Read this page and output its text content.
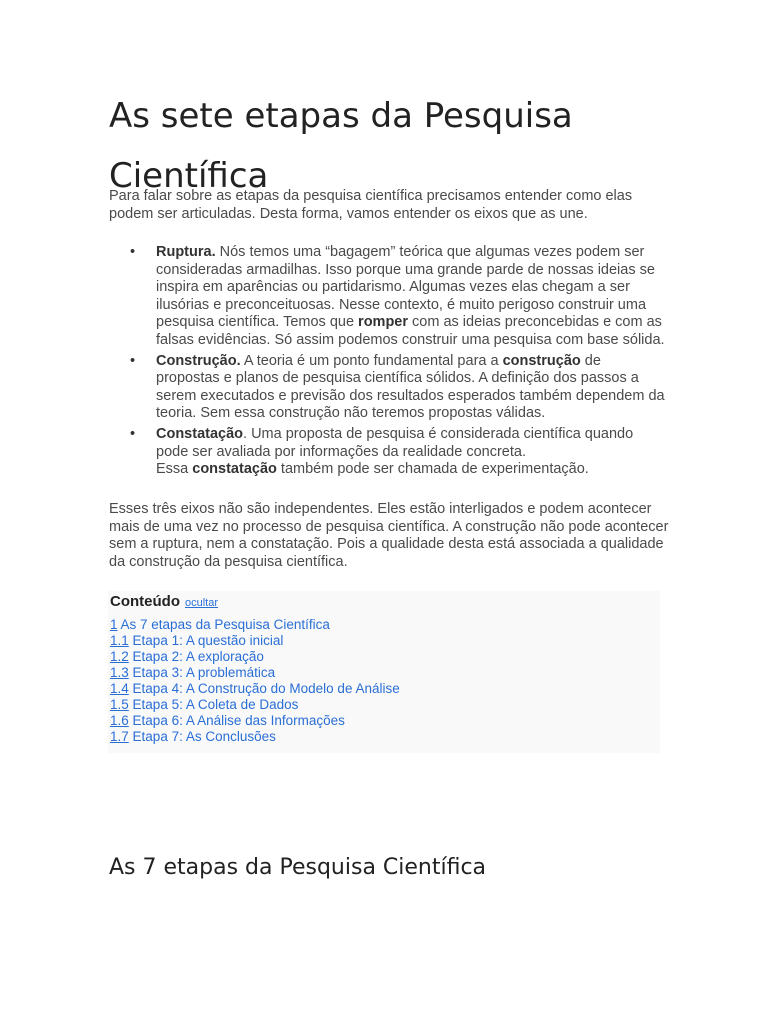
As sete etapas da Pesquisa Científica

Para falar sobre as etapas da pesquisa científica precisamos entender como elas podem ser articuladas. Desta forma, vamos entender os eixos que as une.

• Ruptura. Nós temos uma “bagagem” teórica que algumas vezes podem ser consideradas armadilhas. Isso porque uma grande parde de nossas ideias se inspira em aparências ou partidarismo. Algumas vezes elas chegam a ser ilusórias e preconceituosas. Nesse contexto, é muito perigoso construir uma pesquisa científica. Temos que romper com as ideias preconcebidas e com as falsas evidências. Só assim podemos construir uma pesquisa com base sólida.
• Construção. A teoria é um ponto fundamental para a construção de propostas e planos de pesquisa científica sólidos. A definição dos passos a serem executados e previsão dos resultados esperados também dependem da teoria. Sem essa construção não teremos propostas válidas.
• Constatação. Uma proposta de pesquisa é considerada científica quando pode ser avaliada por informações da realidade concreta.
Essa constatação também pode ser chamada de experimentação.

Esses três eixos não são independentes. Eles estão interligados e podem acontecer mais de uma vez no processo de pesquisa científica. A construção não pode acontecer sem a ruptura, nem a constatação. Pois a qualidade desta está associada a qualidade da construção da pesquisa científica.

Conteúdo ocultar
1 As 7 etapas da Pesquisa Científica
1.1 Etapa 1: A questão inicial
1.2 Etapa 2: A exploração
1.3 Etapa 3: A problemática
1.4 Etapa 4: A Construção do Modelo de Análise
1.5 Etapa 5: A Coleta de Dados
1.6 Etapa 6: A Análise das Informações
1.7 Etapa 7: As Conclusões
As 7 etapas da Pesquisa Científica
